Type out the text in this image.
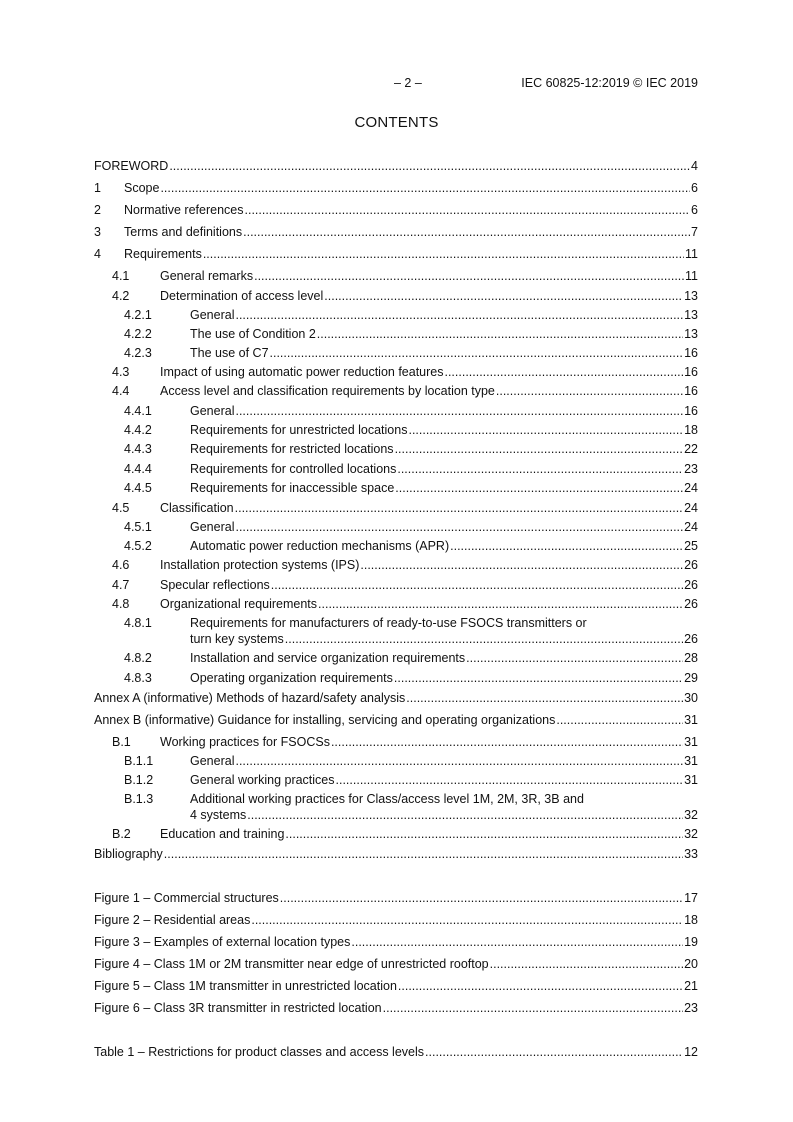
– 2 –	IEC 60825-12:2019 © IEC 2019
CONTENTS
FOREWORD .....	4
1 Scope .....	6
2 Normative references .....	6
3 Terms and definitions .....	7
4 Requirements .....	11
4.1 General remarks .....	11
4.2 Determination of access level .....	13
4.2.1	General .....	13
4.2.2	The use of Condition 2 .....	13
4.2.3	The use of C7 .....	16
4.3 Impact of using automatic power reduction features .....	16
4.4 Access level and classification requirements by location type .....	16
4.4.1	General .....	16
4.4.2	Requirements for unrestricted locations .....	18
4.4.3	Requirements for restricted locations .....	22
4.4.4	Requirements for controlled locations .....	23
4.4.5	Requirements for inaccessible space .....	24
4.5 Classification .....	24
4.5.1	General .....	24
4.5.2	Automatic power reduction mechanisms (APR) .....	25
4.6 Installation protection systems (IPS) .....	26
4.7 Specular reflections .....	26
4.8 Organizational requirements .....	26
4.8.1	Requirements for manufacturers of ready-to-use FSOCS transmitters or
turn key systems .....	26
4.8.2	Installation and service organization requirements .....	28
4.8.3	Operating organization requirements .....	29
Annex A (informative) Methods of hazard/safety analysis .....	30
Annex B (informative) Guidance for installing, servicing and operating organizations .....	31
B.1 Working practices for FSOCSs .....	31
B.1.1	General .....	31
B.1.2	General working practices .....	31
B.1.3	Additional working practices for Class/access level 1M, 2M, 3R, 3B and
4 systems .....	32
B.2 Education and training .....	32
Bibliography .....	33
Figure 1 – Commercial structures .....	17
Figure 2 – Residential areas .....	18
Figure 3 – Examples of external location types .....	19
Figure 4 – Class 1M or 2M transmitter near edge of unrestricted rooftop .....	20
Figure 5 – Class 1M transmitter in unrestricted location .....	21
Figure 6 – Class 3R transmitter in restricted location .....	23
Table 1 – Restrictions for product classes and access levels .....	12
